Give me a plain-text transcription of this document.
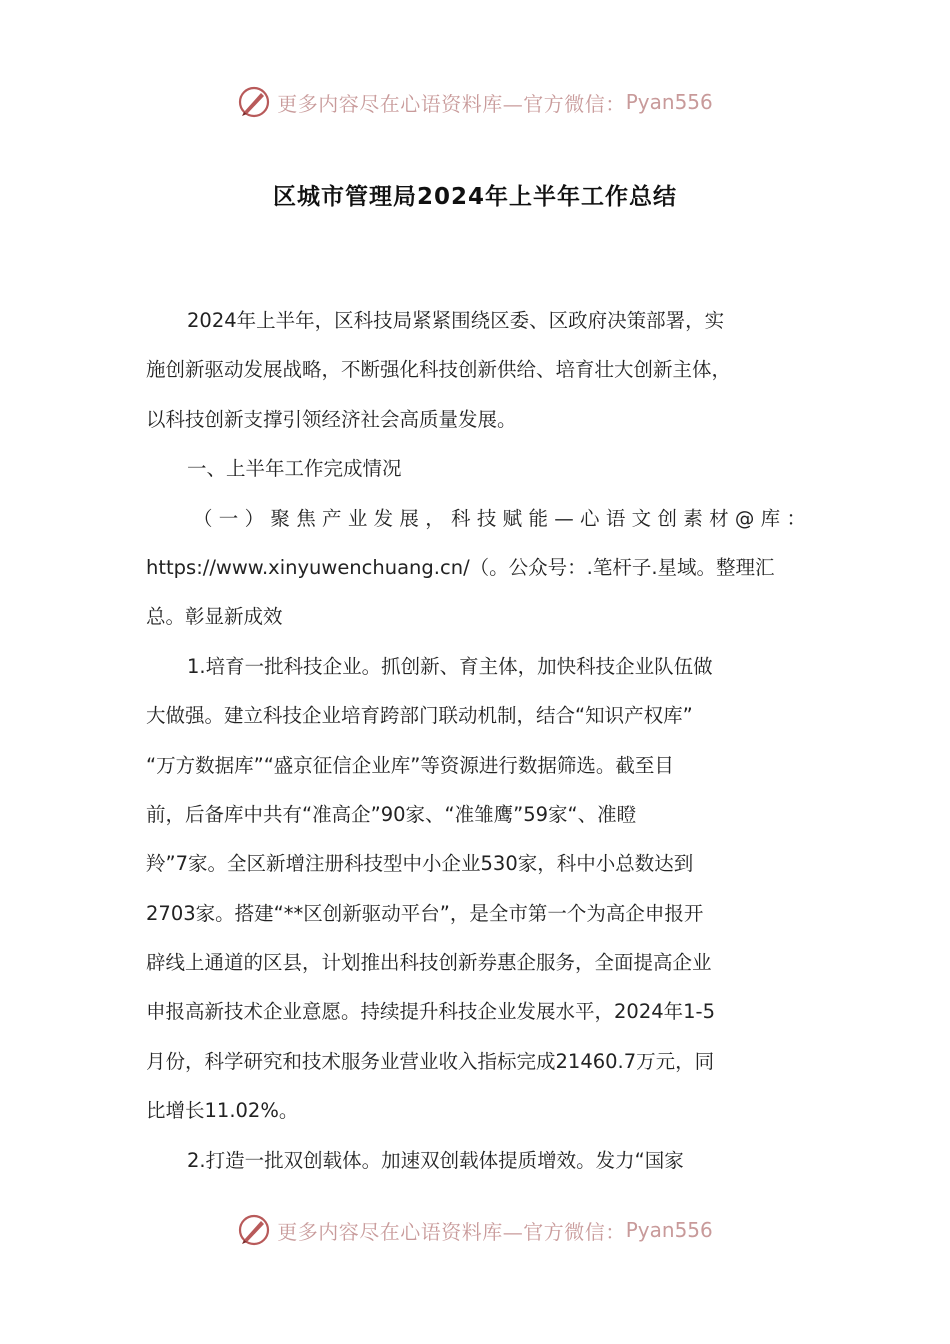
更多内容尽在心语资料库—官方微信： Pyan556
区城市管理局2024年上半年工作总结
2024年上半年，区科技局紧紧围绕区委、区政府决策部署，实
施创新驱动发展战略，不断强化科技创新供给、培育壮大创新主体，
以科技创新支撑引领经济社会高质量发展。
一、上半年工作完成情况
（一）聚焦产业发展，科技赋能—心语文创素材@库：
https://www.xinyuwenchuang.cn/（。公众号：.笔杆子.星域。整理汇
总。彰显新成效
1.培育一批科技企业。抓创新、育主体，加快科技企业队伍做
大做强。建立科技企业培育跨部门联动机制，结合“知识产权库”
“万方数据库”“盛京征信企业库”等资源进行数据筛选。截至目
前，后备库中共有“准高企”90家、“准雏鹰”59家“、准瞪
羚”7家。全区新增注册科技型中小企业530家，科中小总数达到
2703家。搭建“**区创新驱动平台”，是全市第一个为高企申报开
辟线上通道的区县，计划推出科技创新券惠企服务，全面提高企业
申报高新技术企业意愿。持续提升科技企业发展水平，2024年1-5
月份，科学研究和技术服务业营业收入指标完成21460.7万元，同
比增长11.02%。
2.打造一批双创载体。加速双创载体提质增效。发力“国家
更多内容尽在心语资料库—官方微信： Pyan556
